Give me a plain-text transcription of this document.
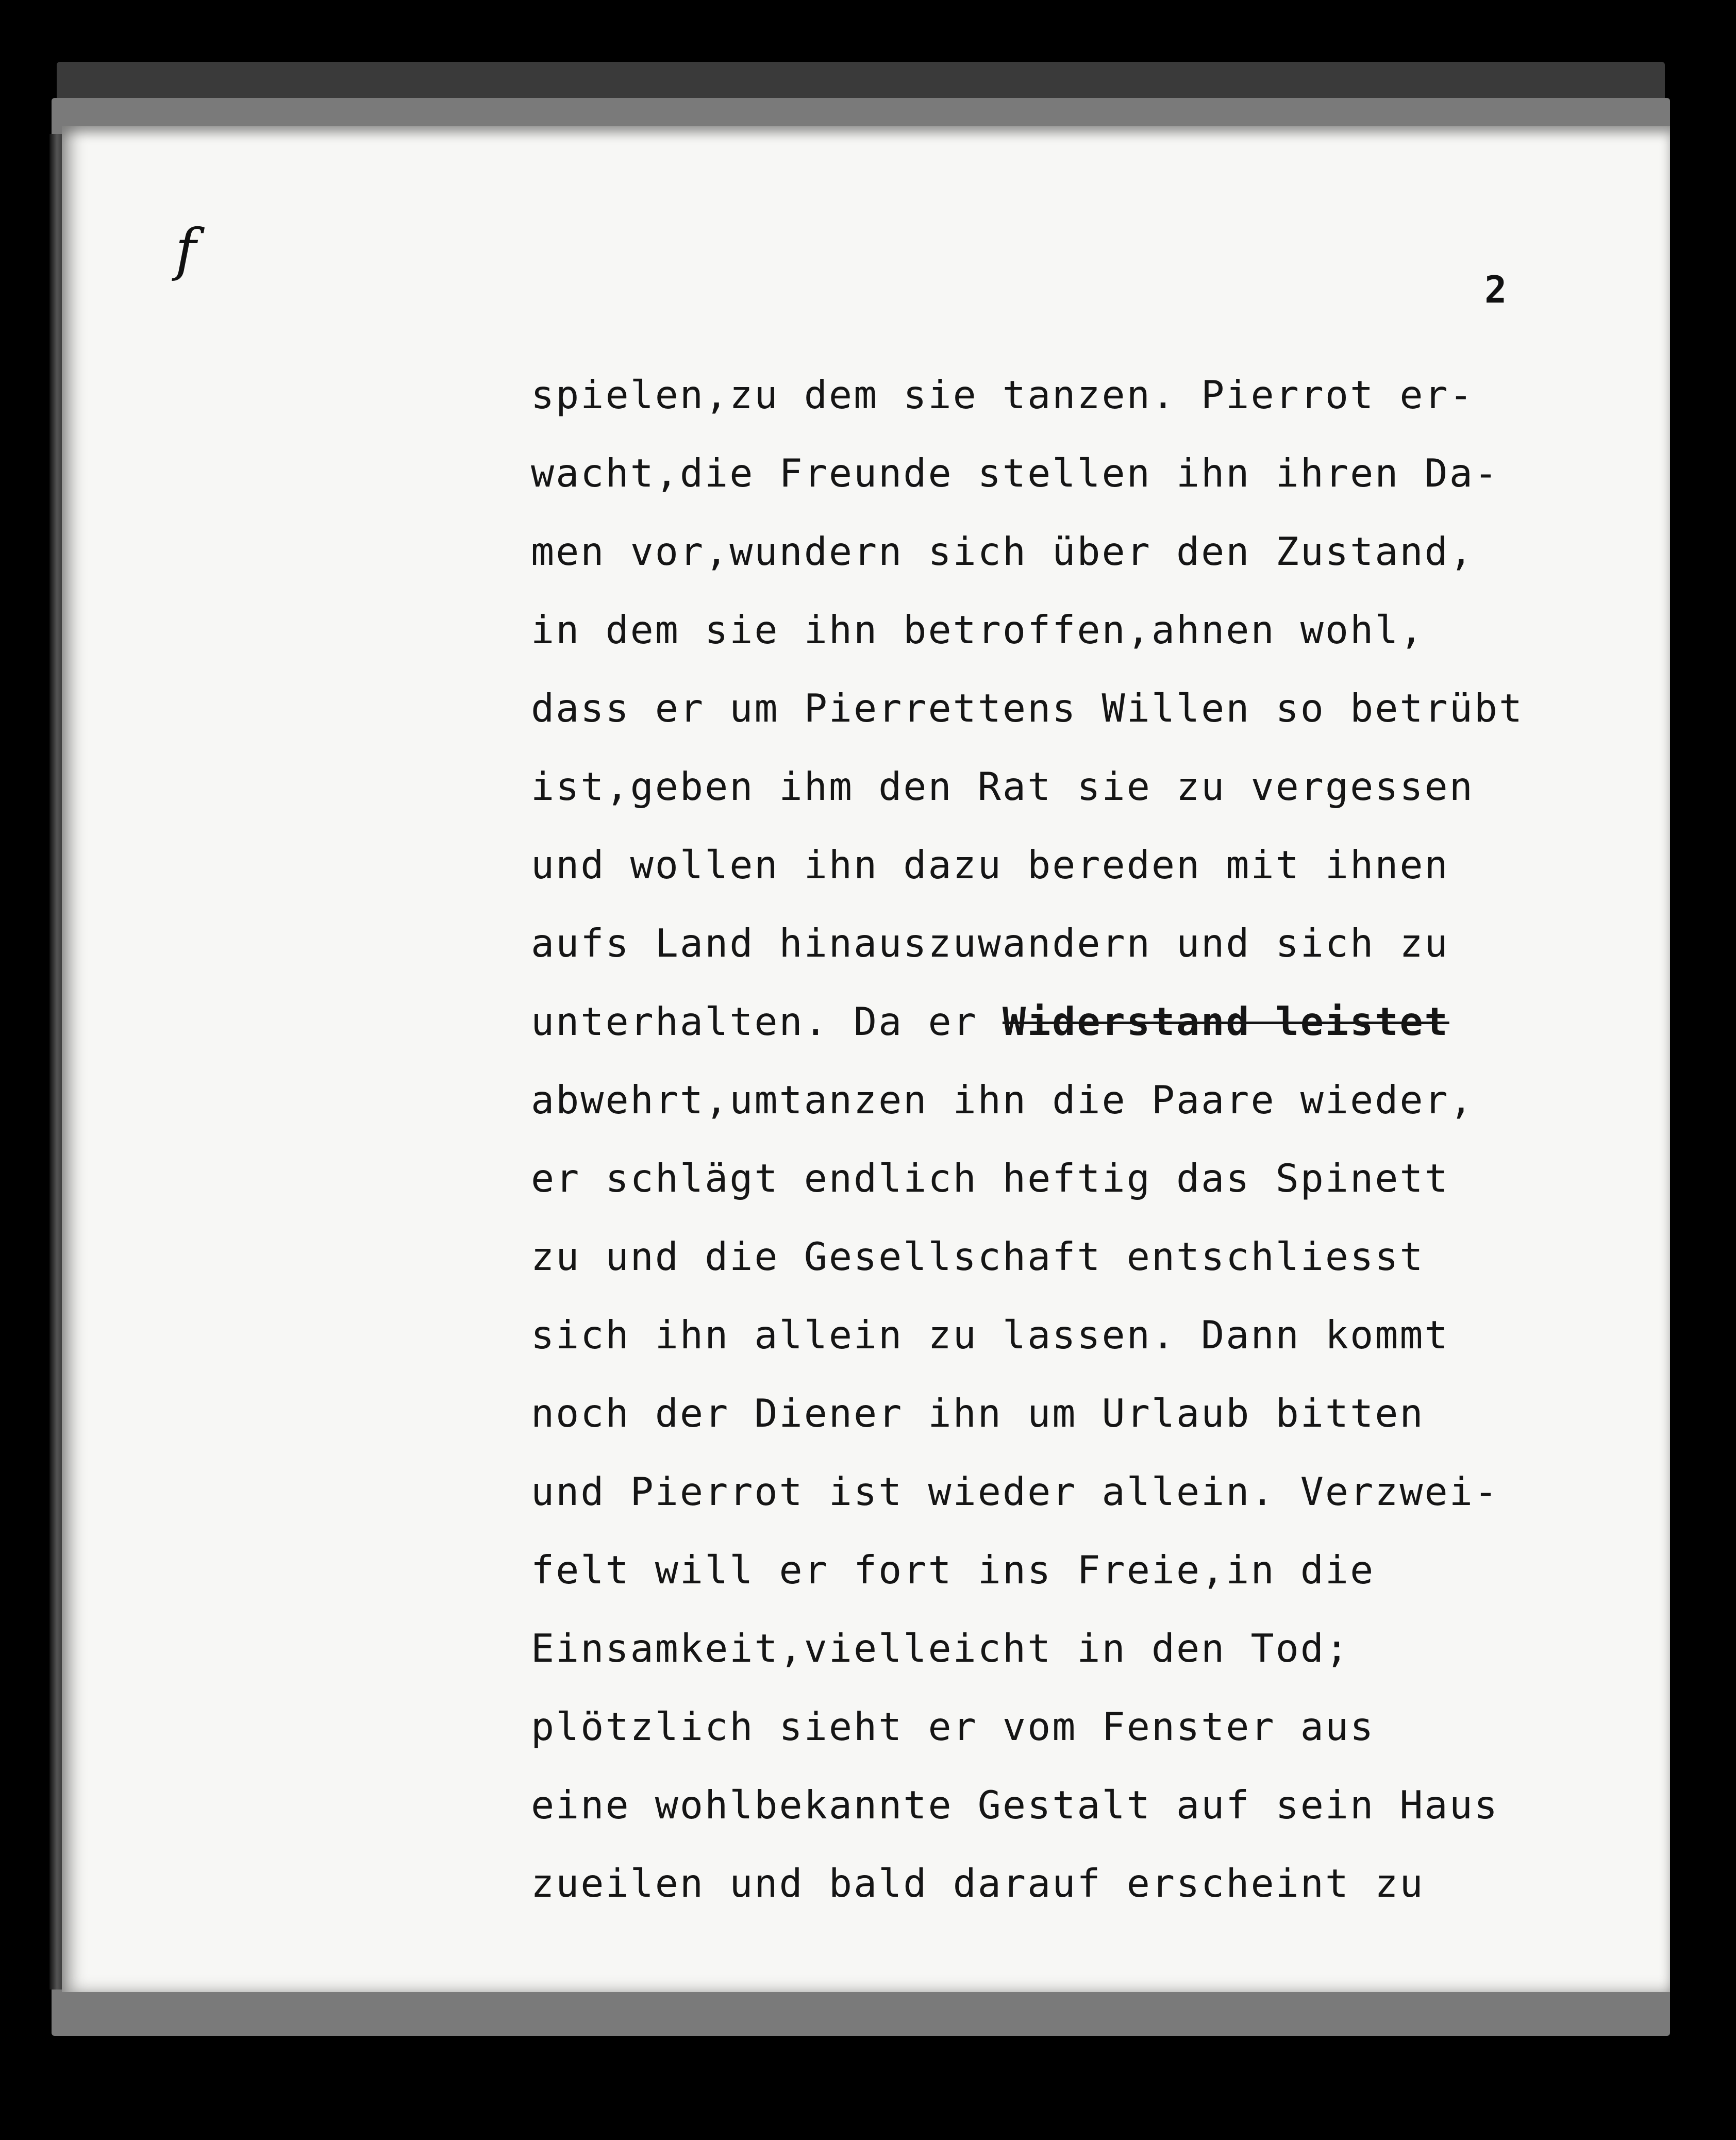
f
2
spielen,zu dem sie tanzen. Pierrot er-
wacht,die Freunde stellen ihn ihren Da-
men vor,wundern sich über den Zustand,
in dem sie ihn betroffen,ahnen wohl,
dass er um Pierrettens Willen so betrübt
ist,geben ihm den Rat sie zu vergessen
und wollen ihn dazu bereden mit ihnen
aufs Land hinauszuwandern und sich zu
unterhalten. Da er Widerstand leistet
abwehrt,umtanzen ihn die Paare wieder,
er schlägt endlich heftig das Spinett
zu und die Gesellschaft entschliesst
sich ihn allein zu lassen. Dann kommt
noch der Diener ihn um Urlaub bitten
und Pierrot ist wieder allein. Verzwei-
felt will er fort ins Freie,in die
Einsamkeit,vielleicht in den Tod;
plötzlich sieht er vom Fenster aus
eine wohlbekannte Gestalt auf sein Haus
zueilen und bald darauf erscheint zu
